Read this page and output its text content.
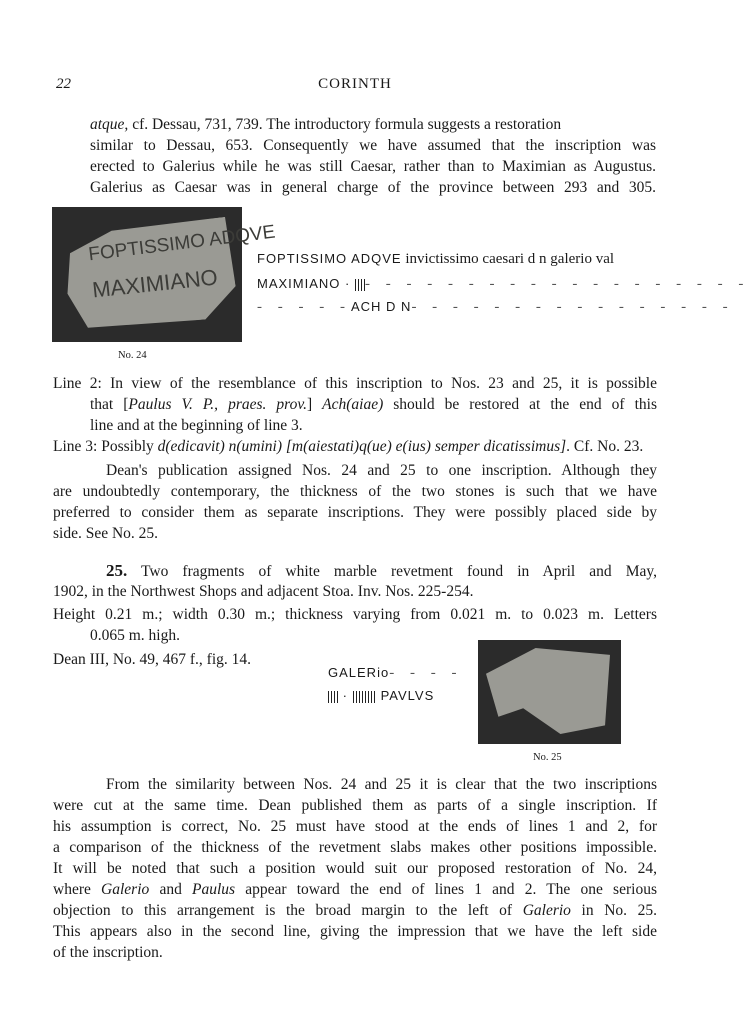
22	CORINTH
atque, cf. Dessau, 731, 739. The introductory formula suggests a restoration
similar to Dessau, 653. Consequently we have assumed that the inscription was
erected to Galerius while he was still Caesar, rather than to Maximian as Augustus.
Galerius as Caesar was in general charge of the province between 293 and 305.
FOPTISSIMO ADQVE
MAXIMIANO
No. 24
FOPTISSIMO ADQVE invictissimo caesari d n galerio val
MAXIMIANO · - - - - - - - - - - - - - - - - - - -
- - - - -ACH D N- - - - - - - - - - - - - - - -
Line 2: In view of the resemblance of this inscription to Nos. 23 and 25, it is possible
that [Paulus V. P., praes. prov.] Ach(aiae) should be restored at the end of this
line and at the beginning of line 3.
Line 3: Possibly d(edicavit) n(umini) [m(aiestati)q(ue) e(ius) semper dicatissimus]. Cf. No. 23.
Dean's publication assigned Nos. 24 and 25 to one inscription. Although they
are undoubtedly contemporary, the thickness of the two stones is such that we have
preferred to consider them as separate inscriptions. They were possibly placed side by
side. See No. 25.
25. Two fragments of white marble revetment found in April and May,
1902, in the Northwest Shops and adjacent Stoa. Inv. Nos. 225-254.
Height 0.21 m.; width 0.30 m.; thickness varying from 0.021 m. to 0.023 m. Letters
0.065 m. high.
Dean III, No. 49, 467 f., fig. 14.
GALERio- - - -
· PAVLVS
No. 25
From the similarity between Nos. 24 and 25 it is clear that the two inscriptions
were cut at the same time. Dean published them as parts of a single inscription. If
his assumption is correct, No. 25 must have stood at the ends of lines 1 and 2, for
a comparison of the thickness of the revetment slabs makes other positions impossible.
It will be noted that such a position would suit our proposed restoration of No. 24,
where Galerio and Paulus appear toward the end of lines 1 and 2. The one serious
objection to this arrangement is the broad margin to the left of Galerio in No. 25.
This appears also in the second line, giving the impression that we have the left side
of the inscription.
